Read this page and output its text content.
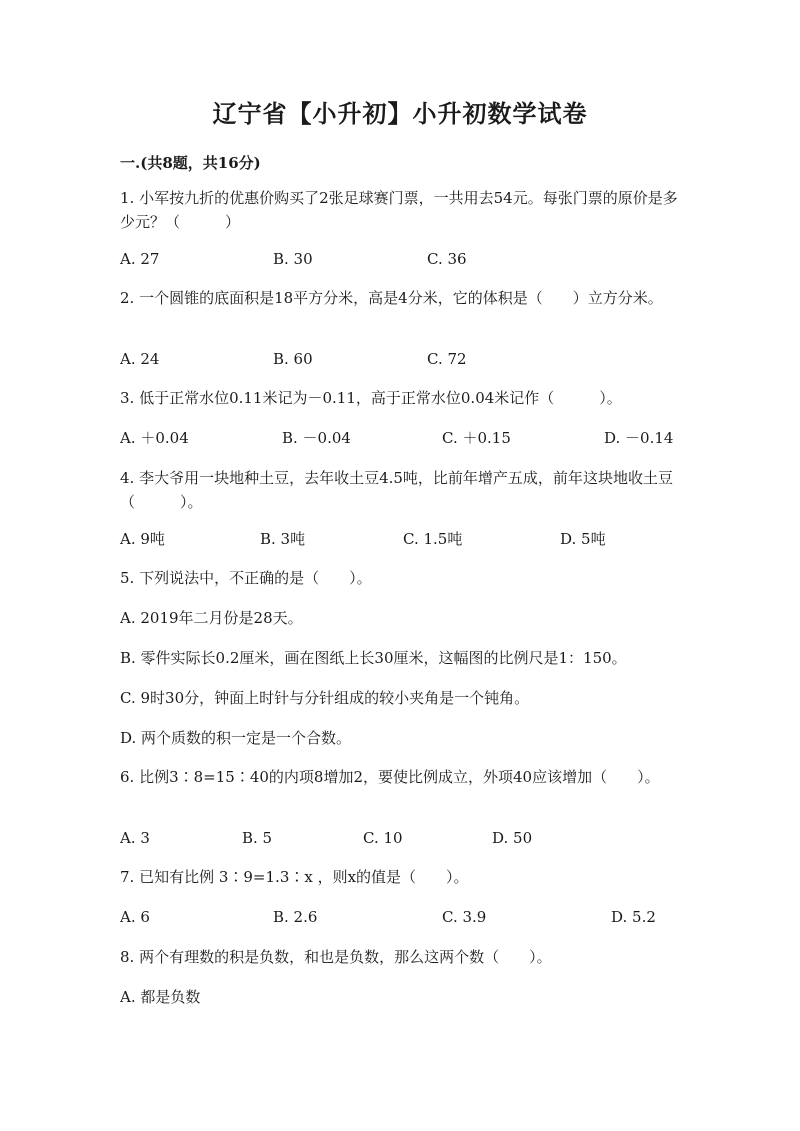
辽宁省【小升初】小升初数学试卷
一.(共8题，共16分)
1. 小军按九折的优惠价购买了2张足球赛门票，一共用去54元。每张门票的原价是多少元？（　　　）
A. 27	B. 30	C. 36
2. 一个圆锥的底面积是18平方分米，高是4分米，它的体积是（　　）立方分米。
A. 24	B. 60	C. 72
3. 低于正常水位0.11米记为－0.11，高于正常水位0.04米记作（　　　）。
A. ＋0.04	B. －0.04	C. ＋0.15	D. －0.14
4. 李大爷用一块地种土豆，去年收土豆4.5吨，比前年增产五成，前年这块地收土豆（　　　）。
A. 9吨	B. 3吨	C. 1.5吨	D. 5吨
5. 下列说法中，不正确的是（　　）。
A. 2019年二月份是28天。
B. 零件实际长0.2厘米，画在图纸上长30厘米，这幅图的比例尺是1：150。
C. 9时30分，钟面上时针与分针组成的较小夹角是一个钝角。
D. 两个质数的积一定是一个合数。
6. 比例3∶8=15∶40的内项8增加2，要使比例成立，外项40应该增加（　　）。
A. 3	B. 5	C. 10	D. 50
7. 已知有比例 3∶9=1.3∶x ，则x的值是（　　）。
A. 6	B. 2.6	C. 3.9	D. 5.2
8. 两个有理数的积是负数，和也是负数，那么这两个数（　　）。
A. 都是负数
